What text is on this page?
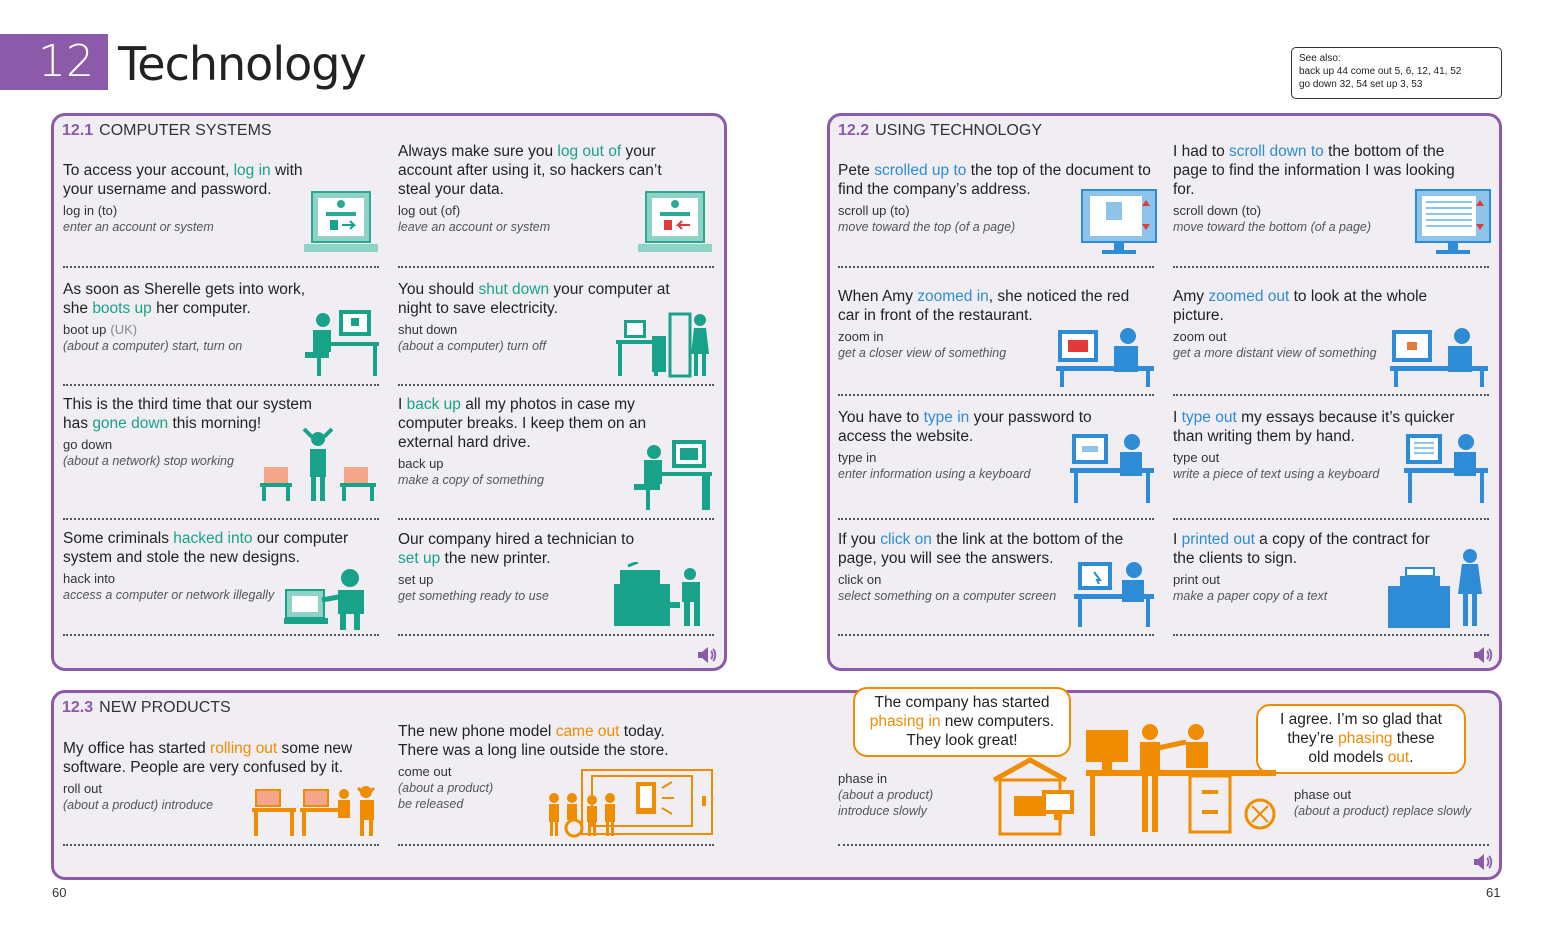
12 Technology	See also:
back up 44 come out 5, 6, 12, 41, 52
go down 32, 54 set up 3, 53
12.1 COMPUTER SYSTEMS	12.2 USING TECHNOLOGY
12.3 NEW PRODUCTS
To access your account, log in with your username and password.
log in (to)
enter an account or system
Always make sure you log out of your account after using it, so hackers can’t steal your data.
log out (of)
leave an account or system
As soon as Sherelle gets into work, she boots up her computer.
boot up (UK)
(about a computer) start, turn on
You should shut down your computer at night to save electricity.
shut down
(about a computer) turn off
This is the third time that our system has gone down this morning!
go down
(about a network) stop working
I back up all my photos in case my computer breaks. I keep them on an external hard drive.
back up
make a copy of something
Some criminals hacked into our computer system and stole the new designs.
hack into
access a computer or network illegally
Our company hired a technician to set up the new printer.
set up
get something ready to use
Pete scrolled up to the top of the document to find the company’s address.
scroll up (to)
move toward the top (of a page)
I had to scroll down to the bottom of the page to find the information I was looking for.
scroll down (to)
move toward the bottom (of a page)
When Amy zoomed in, she noticed the red car in front of the restaurant.
zoom in
get a closer view of something
Amy zoomed out to look at the whole picture.
zoom out
get a more distant view of something
You have to type in your password to access the website.
type in
enter information using a keyboard
I type out my essays because it’s quicker than writing them by hand.
type out
write a piece of text using a keyboard
If you click on the link at the bottom of the page, you will see the answers.
click on
select something on a computer screen
I printed out a copy of the contract for the clients to sign.
print out
make a paper copy of a text
My office has started rolling out some new software. People are very confused by it.
roll out
(about a product) introduce
The new phone model came out today. There was a long line outside the store.
come out
(about a product) be released
phase in
(about a product)
introduce slowly
The company has started
phasing in new computers.
They look great!
I agree. I’m so glad that
they’re phasing these
old models out.
phase out
(about a product) replace slowly
60	61
